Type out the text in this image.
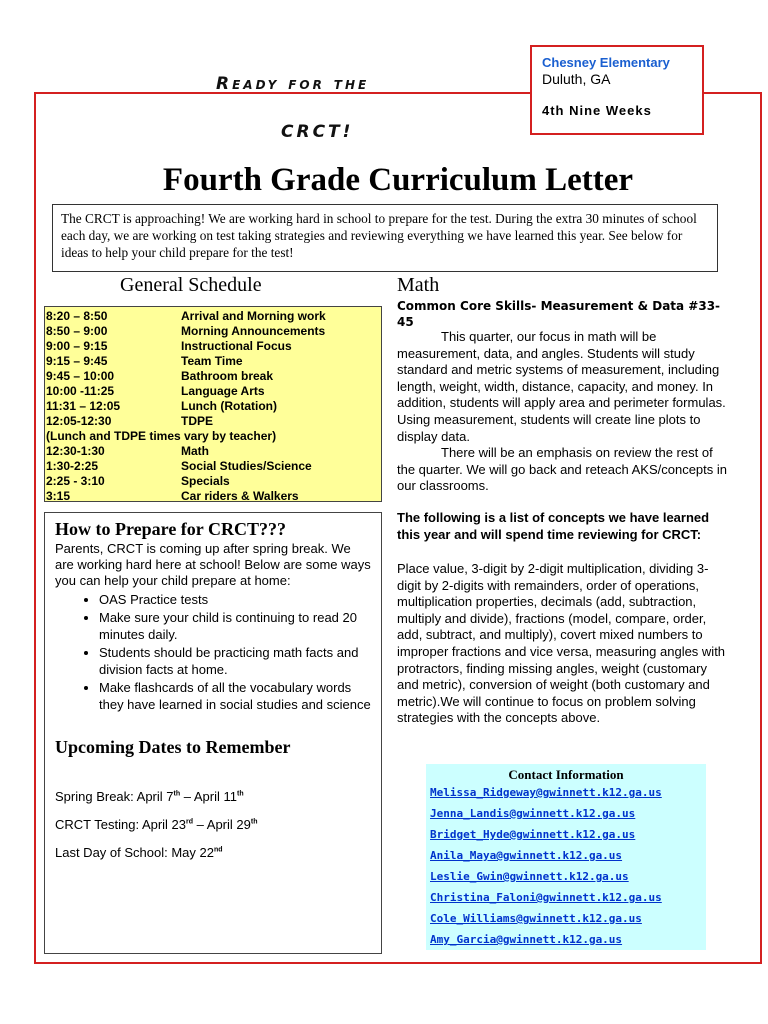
Ready for the
CRCT!
Chesney Elementary
Duluth, GA
4th Nine Weeks
Fourth Grade Curriculum Letter
The CRCT is approaching! We are working hard in school to prepare for the test. During the extra 30 minutes of school each day, we are working on test taking strategies and reviewing everything we have learned this year. See below for ideas to help your child prepare for the test!
General Schedule	Math
8:20 – 8:50	Arrival and Morning work
8:50 – 9:00	Morning Announcements
9:00 – 9:15	Instructional Focus
9:15 – 9:45	Team Time
9:45 – 10:00	Bathroom break
10:00 -11:25	Language Arts
11:31 – 12:05	Lunch (Rotation)
12:05-12:30	TDPE
(Lunch and TDPE times vary by teacher)
12:30-1:30	Math
1:30-2:25	Social Studies/Science
2:25 - 3:10	Specials
3:15	Car riders & Walkers
How to Prepare for CRCT???
Parents, CRCT is coming up after spring break. We are working hard here at school! Below are some ways you can help your child prepare at home:
• OAS Practice tests
• Make sure your child is continuing to read 20 minutes daily.
• Students should be practicing math facts and division facts at home.
• Make flashcards of all the vocabulary words they have learned in social studies and science
Upcoming Dates to Remember
Spring Break: April 7th – April 11th
CRCT Testing: April 23rd – April 29th
Last Day of School: May 22nd
Common Core Skills- Measurement & Data #33-45
This quarter, our focus in math will be measurement, data, and angles. Students will study standard and metric systems of measurement, including length, weight, width, distance, capacity, and money. In addition, students will apply area and perimeter formulas. Using measurement, students will create line plots to display data.
There will be an emphasis on review the rest of the quarter. We will go back and reteach AKS/concepts in our classrooms.
The following is a list of concepts we have learned this year and will spend time reviewing for CRCT:
Place value, 3-digit by 2-digit multiplication, dividing 3-digit by 2-digits with remainders, order of operations, multiplication properties, decimals (add, subtraction, multiply and divide), fractions (model, compare, order, add, subtract, and multiply), covert mixed numbers to improper fractions and vice versa, measuring angles with protractors, finding missing angles, weight (customary and metric), conversion of weight (both customary and metric).We will continue to focus on problem solving strategies with the concepts above.
Contact Information
Melissa_Ridgeway@gwinnett.k12.ga.us
Jenna_Landis@gwinnett.k12.ga.us
Bridget_Hyde@gwinnett.k12.ga.us
Anila_Maya@gwinnett.k12.ga.us
Leslie_Gwin@gwinnett.k12.ga.us
Christina_Faloni@gwinnett.k12.ga.us
Cole_Williams@gwinnett.k12.ga.us
Amy_Garcia@gwinnett.k12.ga.us
